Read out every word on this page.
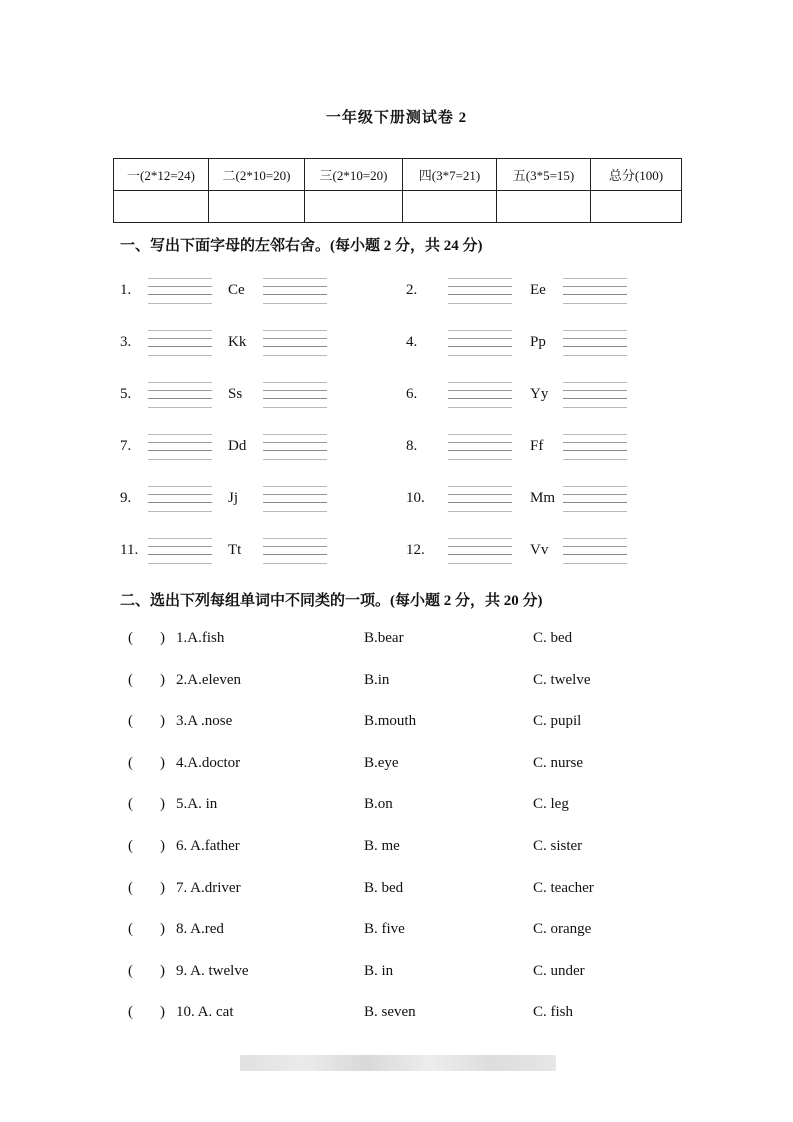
一年级下册测试卷 2
一(2*12=24)	二(2*10=20)	三(2*10=20)	四(3*7=21)	五(3*5=15)	总分(100)

一、写出下面字母的左邻右舍。(每小题 2 分，共 24 分)
1.	Ce	2.	Ee
3.	Kk	4.	Pp
5.	Ss	6.	Yy
7.	Dd	8.	Ff
9.	Jj	10.	Mm
11.	Tt	12.	Vv
二、选出下列每组单词中不同类的一项。(每小题 2 分，共 20 分)
( ) 1.A.fish	B.bear	C. bed
( ) 2.A.eleven	B.in	C. twelve
( ) 3.A .nose	B.mouth	C. pupil
( ) 4.A.doctor	B.eye	C. nurse
( ) 5.A. in	B.on	C. leg
( ) 6. A.father	B. me	C. sister
( ) 7. A.driver	B. bed	C. teacher
( ) 8. A.red	B. five	C. orange
( ) 9. A. twelve	B. in	C. under
( ) 10. A. cat	B. seven	C. fish
